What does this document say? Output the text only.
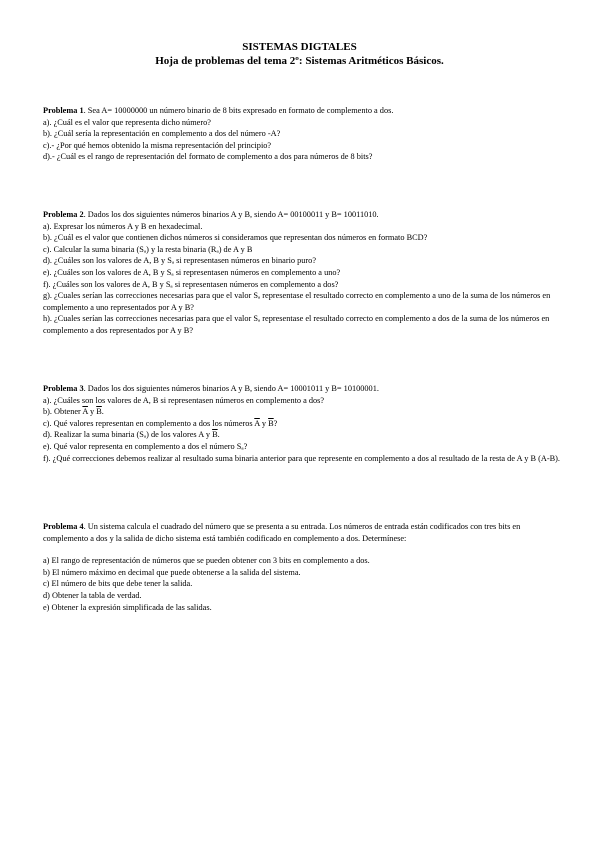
SISTEMAS DIGTALES
Hoja de problemas del tema 2º: Sistemas Aritméticos Básicos.

Problema 1. Sea A= 10000000 un número binario de 8 bits expresado en formato de complemento a dos.

a). ¿Cuál es el valor que representa dicho número?

b). ¿Cuál sería la representación en complemento a dos del número -A?

c).- ¿Por qué hemos obtenido la misma representación del principio?

d).- ¿Cuál es el rango de representación del formato de complemento a dos para números de 8 bits?

Problema 2. Dados los dos siguientes números binarios A y B, siendo A= 00100011 y B= 10011010.

a). Expresar los números A y B en hexadecimal.

b). ¿Cuál es el valor que contienen dichos números si consideramos que representan dos números en formato BCD?

c). Calcular la suma binaria (Sₐ) y la resta binaria (Rₐ) de A y B

d). ¿Cuáles son los valores de A, B y Sₐ si representasen números en binario puro?

e). ¿Cuáles son los valores de A, B y Sₐ si representasen números en complemento a uno?

f). ¿Cuáles son los valores de A, B y Sₐ si representasen números en complemento a dos?

g). ¿Cuales serían las correcciones necesarias para que el valor Sₐ representase el resultado correcto en complemento a uno de la suma de los números en complemento a uno representados por A y B?

h). ¿Cuales serían las correcciones necesarias para que el valor Sₐ representase el resultado correcto en complemento a dos de la suma de los números en complemento a dos representados por A y B?

Problema 3. Dados los dos siguientes números binarios A y B, siendo A= 10001011 y B= 10100001.

a). ¿Cuáles son los valores de A, B si representasen números en complemento a dos?

b). Obtener $\overline{A}$ y $\overline{B}$.

c). Qué valores representan en complemento a dos los números $\overline{A}$ y $\overline{B}$?

d). Realizar la suma binaria (Sₐ) de los valores A y $\overline{B}$.

e). Qué valor representa en complemento a dos el número Sₐ?

f). ¿Qué correcciones debemos realizar al resultado suma binaria anterior para que represente en complemento a dos al resultado de la resta de A y B (A-B).

Problema 4. Un sistema calcula el cuadrado del número que se presenta a su entrada. Los números de entrada están codificados con tres bits en complemento a dos y la salida de dicho sistema está también codificado en complemento a dos. Determínese:

a) El rango de representación de números que se pueden obtener con 3 bits en complemento a dos.

b) El número máximo en decimal que puede obtenerse a la salida del sistema.

c) El número de bits que debe tener la salida.

d) Obtener la tabla de verdad.

e) Obtener la expresión simplificada de las salidas.
